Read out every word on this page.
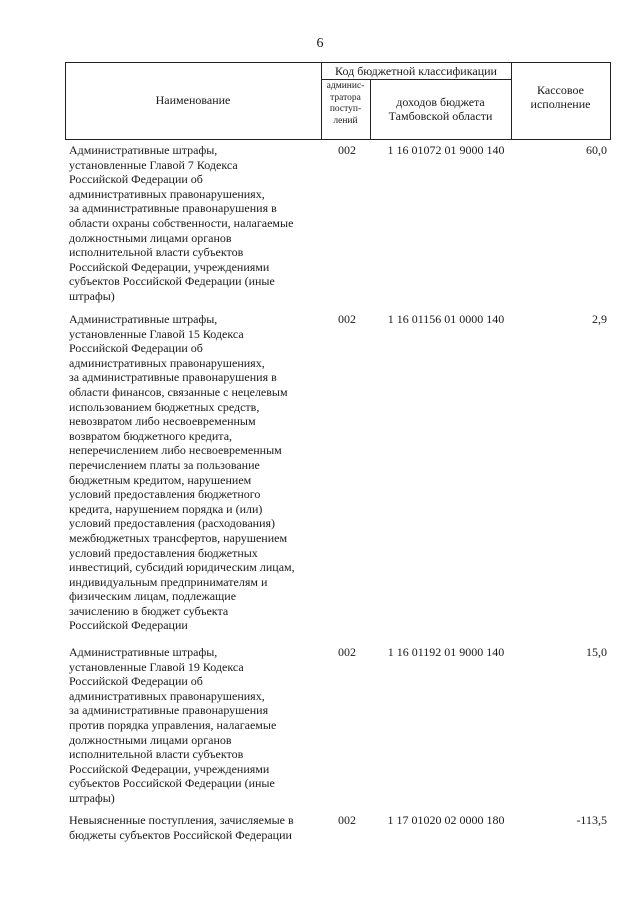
6
Наименование
Код бюджетной классификации
админис-
тратора
поступ-
лений
доходов бюджета
Тамбовской области
Кассовое
исполнение
Административные штрафы,
установленные Главой 7 Кодекса
Российской Федерации об
административных правонарушениях,
за административные правонарушения в
области охраны собственности, налагаемые
должностными лицами органов
исполнительной власти субъектов
Российской Федерации, учреждениями
субъектов Российской Федерации (иные
штрафы)
002	1 16 01072 01 9000 140	60,0
Административные штрафы,
установленные Главой 15 Кодекса
Российской Федерации об
административных правонарушениях,
за административные правонарушения в
области финансов, связанные с нецелевым
использованием бюджетных средств,
невозвратом либо несвоевременным
возвратом бюджетного кредита,
неперечислением либо несвоевременным
перечислением платы за пользование
бюджетным кредитом, нарушением
условий предоставления бюджетного
кредита, нарушением порядка и (или)
условий предоставления (расходования)
межбюджетных трансфертов, нарушением
условий предоставления бюджетных
инвестиций, субсидий юридическим лицам,
индивидуальным предпринимателям и
физическим лицам, подлежащие
зачислению в бюджет субъекта
Российской Федерации
002	1 16 01156 01 0000 140	2,9
Административные штрафы,
установленные Главой 19 Кодекса
Российской Федерации об
административных правонарушениях,
за административные правонарушения
против порядка управления, налагаемые
должностными лицами органов
исполнительной власти субъектов
Российской Федерации, учреждениями
субъектов Российской Федерации (иные
штрафы)
002	1 16 01192 01 9000 140	15,0
Невыясненные поступления, зачисляемые в
бюджеты субъектов Российской Федерации
002	1 17 01020 02 0000 180	-113,5
